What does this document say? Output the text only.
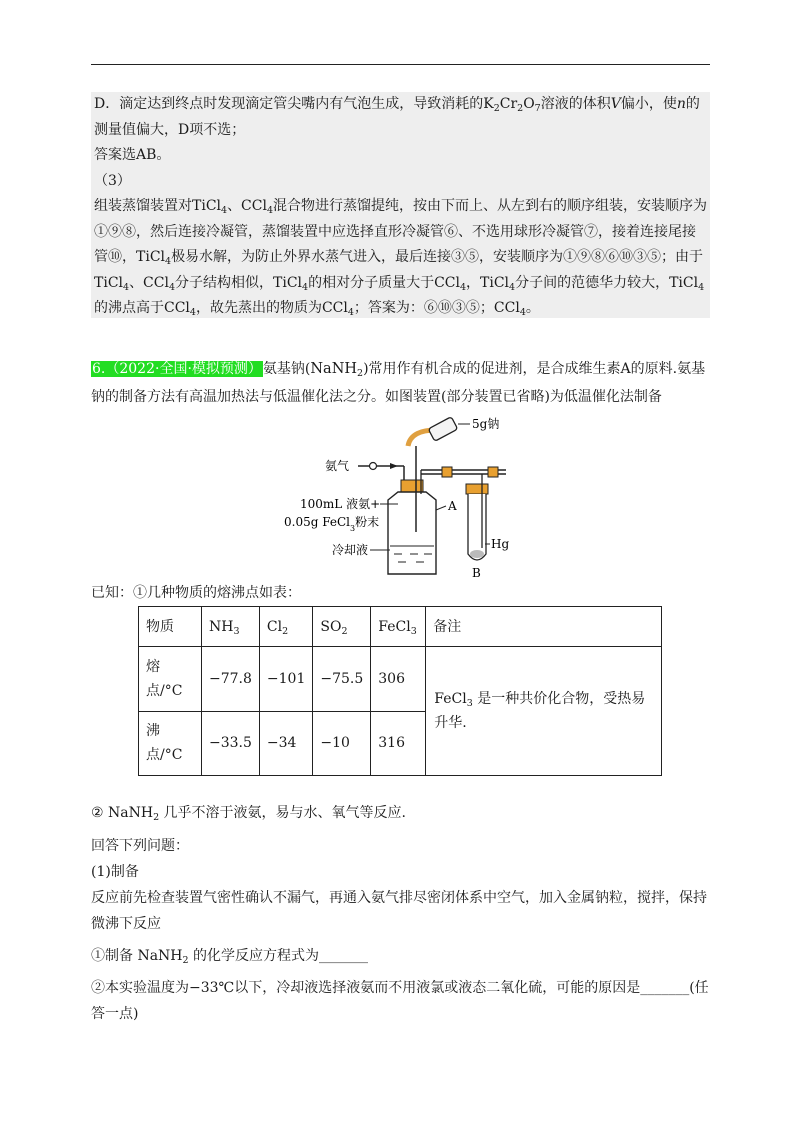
D．滴定达到终点时发现滴定管尖嘴内有气泡生成，导致消耗的$K_2Cr_2O_7$溶液的体积V偏小，使n的

测量值偏大，D项不选；

答案选AB。

（3）

组装蒸馏装置对TiCl$_4$、CCl$_4$混合物进行蒸馏提纯，按由下而上、从左到右的顺序组装，安装顺序为①⑨⑧，然后连接冷凝管，蒸馏装置中应选择直形冷凝管⑥、不选用球形冷凝管⑦，接着连接尾接管⑩，TiCl$_4$极易水解，为防止外界水蒸气进入，最后连接③⑤，安装顺序为①⑨⑧⑥⑩③⑤；由于TiCl$_4$、CCl$_4$分子结构相似，TiCl$_4$的相对分子质量大于CCl$_4$，TiCl$_4$分子间的范德华力较大，TiCl$_4$的沸点高于CCl$_4$，故先蒸出的物质为CCl$_4$；答案为：⑥⑩③⑤；CCl$_4$。

6.（2022·全国·模拟预测）氨基钠(NaNH$_2$)常用作有机合成的促进剂，是合成维生素A的原料.氨基钠的制备方法有高温加热法与低温催化法之分。如图装置(部分装置已省略)为低温催化法制备
5g钠
氨气
A
Hg
B
100mL 液氨+
0.05g FeCl$_3$粉末
冷却液
已知：①几种物质的熔沸点如表：
物质	$NH_3$	$Cl_2$	$SO_2$	FeCl$_3$	备注
熔
点/°C	−77.8	−101	−75.5	306	FeCl$_3$ 是一种共价化合物，受热易升华.
沸
点/°C	−33.5	−34	−10	316	

② NaNH$_2$ 几乎不溶于液氨，易与水、氧气等反应.

回答下列问题：

(1)制备

反应前先检查装置气密性确认不漏气，再通入氨气排尽密闭体系中空气，加入金属钠粒，搅拌，保持微沸下反应

①制备 NaNH$_2$ 的化学反应方程式为_______

②本实验温度为−33℃以下，冷却液选择液氨而不用液氯或液态二氧化硫，可能的原因是_______(任答一点)
